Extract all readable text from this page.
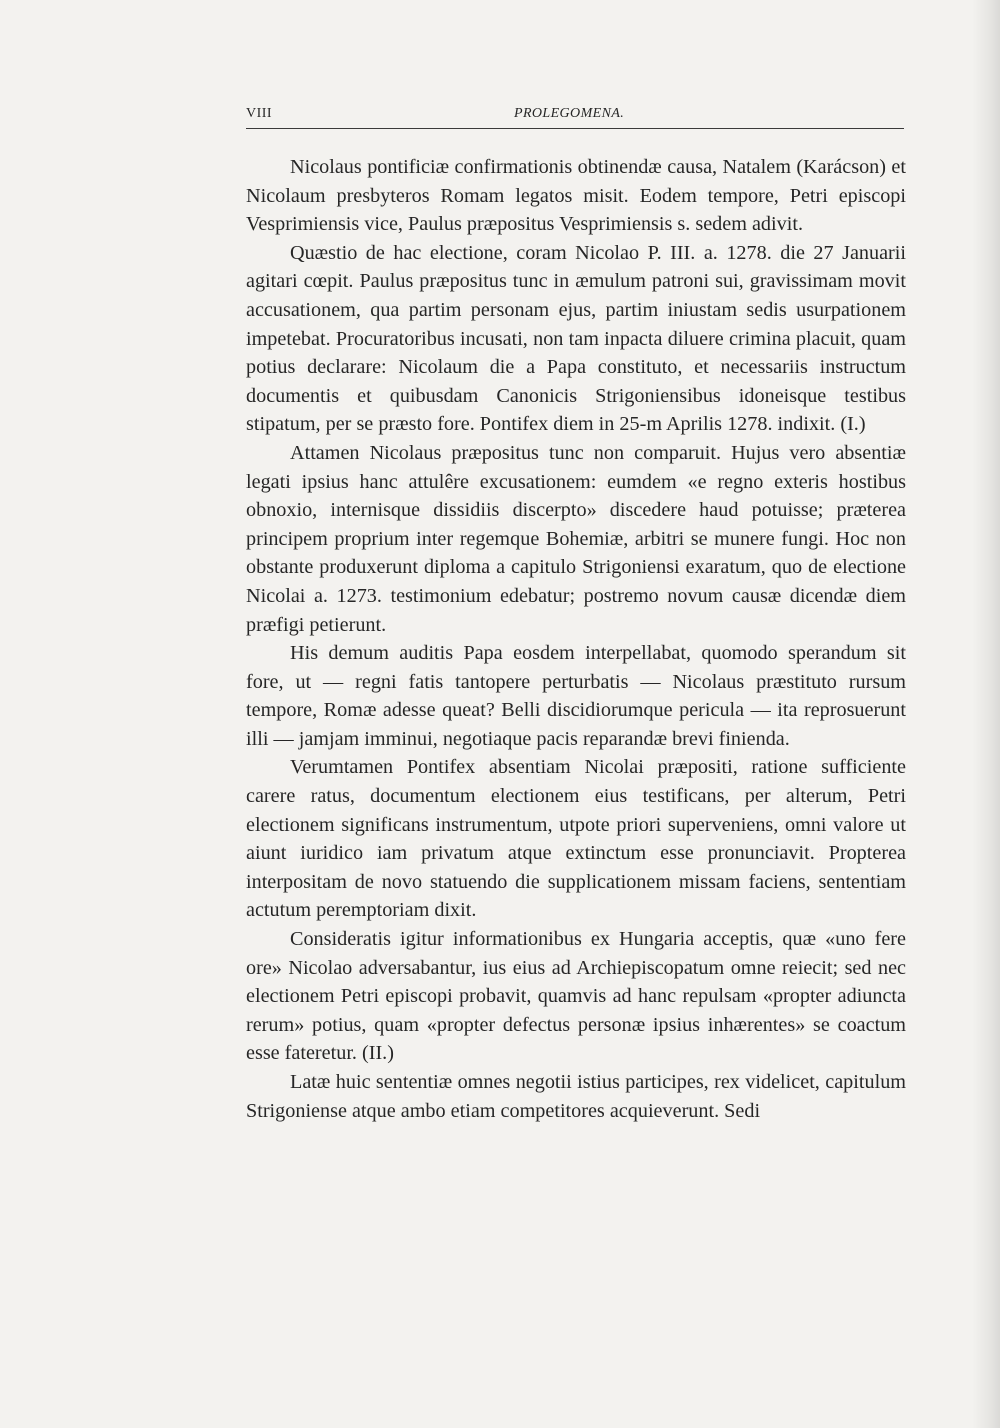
VIII	PROLEGOMENA.

Nicolaus pontificiæ confirmationis obtinendæ causa, Natalem (Karácson) et Nicolaum presbyteros Romam legatos misit. Eodem tempore, Petri episcopi Vesprimiensis vice, Paulus præpositus Vesprimiensis s. sedem adivit.

Quæstio de hac electione, coram Nicolao P. III. a. 1278. die 27 Januarii agitari cœpit. Paulus præpositus tunc in æmulum patroni sui, gravissimam movit accusationem, qua partim personam ejus, partim iniustam sedis usurpationem impetebat. Procuratoribus incusati, non tam inpacta diluere crimina placuit, quam potius declarare: Nicolaum die a Papa constituto, et necessariis instructum documentis et quibusdam Canonicis Strigoniensibus idoneisque testibus stipatum, per se præsto fore. Pontifex diem in 25-m Aprilis 1278. indixit. (I.)

Attamen Nicolaus præpositus tunc non comparuit. Hujus vero absentiæ legati ipsius hanc attulêre excusationem: eumdem «e regno exteris hostibus obnoxio, internisque dissidiis discerpto» discedere haud potuisse; præterea principem proprium inter regemque Bohemiæ, arbitri se munere fungi. Hoc non obstante produxerunt diploma a capitulo Strigoniensi exaratum, quo de electione Nicolai a. 1273. testimonium edebatur; postremo novum causæ dicendæ diem præfigi petierunt.

His demum auditis Papa eosdem interpellabat, quomodo sperandum sit fore, ut — regni fatis tantopere perturbatis — Nicolaus præstituto rursum tempore, Romæ adesse queat? Belli discidiorumque pericula — ita reprosuerunt illi — jamjam imminui, negotiaque pacis reparandæ brevi finienda.

Verumtamen Pontifex absentiam Nicolai præpositi, ratione sufficiente carere ratus, documentum electionem eius testificans, per alterum, Petri electionem significans instrumentum, utpote priori superveniens, omni valore ut aiunt iuridico iam privatum atque extinctum esse pronunciavit. Propterea interpositam de novo statuendo die supplicationem missam faciens, sententiam actutum peremptoriam dixit.

Consideratis igitur informationibus ex Hungaria acceptis, quæ «uno fere ore» Nicolao adversabantur, ius eius ad Archiepiscopatum omne reiecit; sed nec electionem Petri episcopi probavit, quamvis ad hanc repulsam «propter adiuncta rerum» potius, quam «propter defectus personæ ipsius inhærentes» se coactum esse fateretur. (II.)

Latæ huic sententiæ omnes negotii istius participes, rex videlicet, capitulum Strigoniense atque ambo etiam competitores acquieverunt. Sedi
